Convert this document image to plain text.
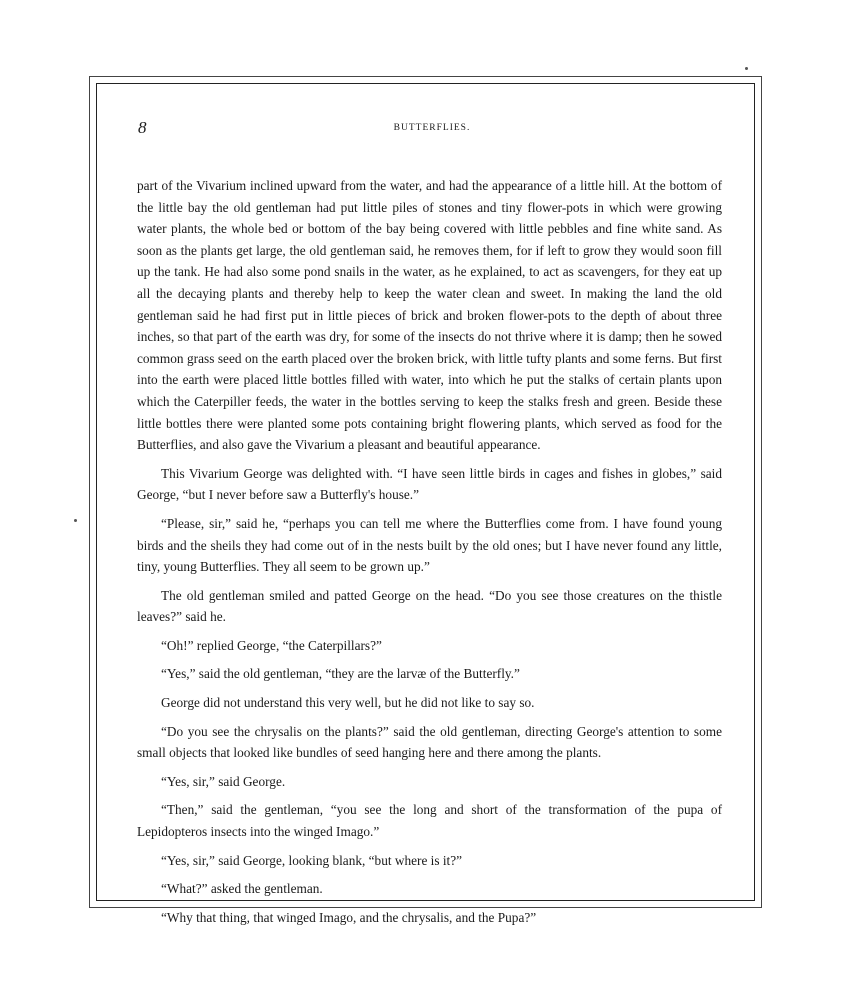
8	BUTTERFLIES.

part of the Vivarium inclined upward from the water, and had the appearance of a little hill. At the bottom of the little bay the old gentleman had put little piles of stones and tiny flower-pots in which were growing water plants, the whole bed or bottom of the bay being covered with little pebbles and fine white sand. As soon as the plants get large, the old gentleman said, he removes them, for if left to grow they would soon fill up the tank. He had also some pond snails in the water, as he explained, to act as scavengers, for they eat up all the decaying plants and thereby help to keep the water clean and sweet. In making the land the old gentleman said he had first put in little pieces of brick and broken flower-pots to the depth of about three inches, so that part of the earth was dry, for some of the insects do not thrive where it is damp; then he sowed common grass seed on the earth placed over the broken brick, with little tufty plants and some ferns. But first into the earth were placed little bottles filled with water, into which he put the stalks of certain plants upon which the Caterpiller feeds, the water in the bottles serving to keep the stalks fresh and green. Beside these little bottles there were planted some pots containing bright flowering plants, which served as food for the Butterflies, and also gave the Vivarium a pleasant and beautiful appearance.

This Vivarium George was delighted with. “I have seen little birds in cages and fishes in globes,” said George, “but I never before saw a Butterfly's house.”

“Please, sir,” said he, “perhaps you can tell me where the Butterflies come from. I have found young birds and the sheils they had come out of in the nests built by the old ones; but I have never found any little, tiny, young Butterflies. They all seem to be grown up.”

The old gentleman smiled and patted George on the head. “Do you see those creatures on the thistle leaves?” said he.

“Oh!” replied George, “the Caterpillars?”

“Yes,” said the old gentleman, “they are the larvæ of the Butterfly.”

George did not understand this very well, but he did not like to say so.

“Do you see the chrysalis on the plants?” said the old gentleman, directing George's attention to some small objects that looked like bundles of seed hanging here and there among the plants.

“Yes, sir,” said George.

“Then,” said the gentleman, “you see the long and short of the transformation of the pupa of Lepidopteros insects into the winged Imago.”

“Yes, sir,” said George, looking blank, “but where is it?”

“What?” asked the gentleman.

“Why that thing, that winged Imago, and the chrysalis, and the Pupa?”
